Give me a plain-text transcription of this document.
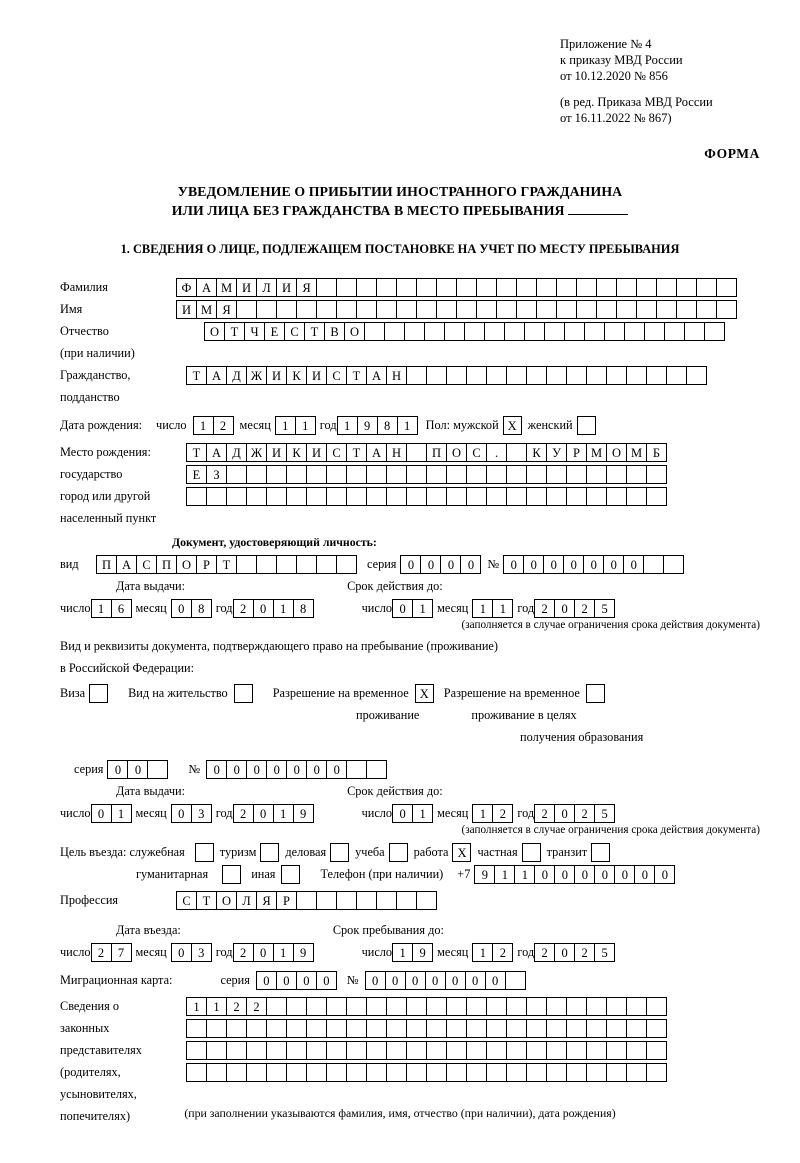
Приложение № 4
к приказу МВД России
от 10.12.2020 № 856
(в ред. Приказа МВД России
от 16.11.2022 № 867)
ФОРМА
УВЕДОМЛЕНИЕ О ПРИБЫТИИ ИНОСТРАННОГО ГРАЖДАНИНА
ИЛИ ЛИЦА БЕЗ ГРАЖДАНСТВА В МЕСТО ПРЕБЫВАНИЯ
1. СВЕДЕНИЯ О ЛИЦЕ, ПОДЛЕЖАЩЕМ ПОСТАНОВКЕ НА УЧЕТ ПО МЕСТУ ПРЕБЫВАНИЯ
Фамилия	Ф А М И Л И Я
Имя	И М Я
Отчество	О Т Ч Е С Т В О
(при наличии)
Гражданство,	Т А Д Ж И К И С Т А Н
подданство
Дата рождения: число	1	2	месяц 1	1 год 1	9	8	1	Пол: мужской X женский
Место рождения:	Т А Д Ж И К И С Т А Н	П О С	.	К У Р М О М Б
государство	Е	З
город или другой
населенный пункт
Документ, удостоверяющий личность:
вид	П А С П О Р	Т	серия 0	0	0	0	№ 0	0	0	0	0	0	0
Дата выдачи:	Срок действия до:
число 1	6 месяц 0	8 год 2	0	1	8	число 0	1 месяц 1	1 год 2	0	2	5
(заполняется в случае ограничения срока действия документа)
Вид и реквизиты документа, подтверждающего право на пребывание (проживание)
в Российской Федерации:
Виза	Вид на жительство	Разрешение на временное X	Разрешение на временное
проживание	проживание в целях
получения образования
серия 0	0	№	0	0	0	0	0	0	0
Дата выдачи:	Срок действия до:
число 0	1 месяц 0	3 год 2	0	1	9	число 0	1 месяц 1	2 год 2	0	2	5
(заполняется в случае ограничения срока действия документа)
Цель въезда: служебная	туризм деловая учеба работа X частная транзит
гуманитарная	иная	Телефон (при наличии) +7 9	1	1	0	0	0	0	0	0	0
Профессия	С Т О Л Я Р
Дата въезда:	Срок пребывания до:
число 2	7 месяц 0	3 год 2	0	1	9	число 1	9 месяц 1	2 год 2	0	2	5
Миграционная карта:	серия	0	0	0	0	№	0	0	0	0	0	0	0
Сведения о	1	1	2	2
законных
представителях
(родителях,
усыновителях,
попечителях)	(при заполнении указываются фамилия, имя, отчество (при наличии), дата рождения)
